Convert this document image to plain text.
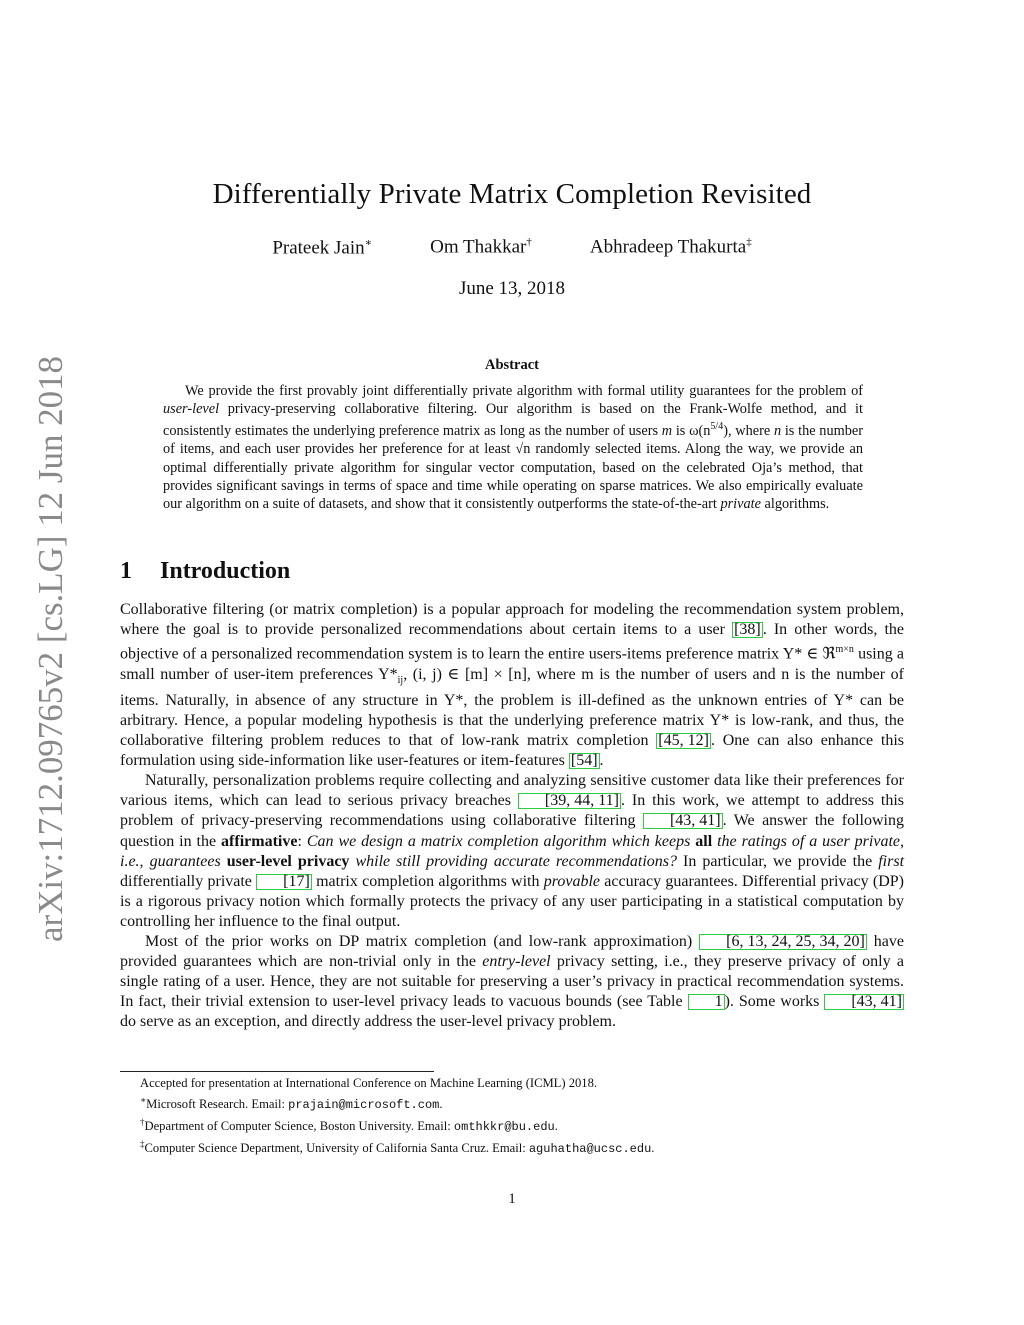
arXiv:1712.09765v2 [cs.LG] 12 Jun 2018
Differentially Private Matrix Completion Revisited
Prateek Jain∗	Om Thakkar†	Abhradeep Thakurta‡
June 13, 2018
Abstract

We provide the first provably joint differentially private algorithm with formal utility guarantees for the problem of user-level privacy-preserving collaborative filtering. Our algorithm is based on the Frank-Wolfe method, and it consistently estimates the underlying preference matrix as long as the number of users m is $\omega(n^{5/4})$, where n is the number of items, and each user provides her preference for at least √n randomly selected items. Along the way, we provide an optimal differentially private algorithm for singular vector computation, based on the celebrated Oja’s method, that provides significant savings in terms of space and time while operating on sparse matrices. We also empirically evaluate our algorithm on a suite of datasets, and show that it consistently outperforms the state-of-the-art private algorithms.

1 Introduction

Collaborative filtering (or matrix completion) is a popular approach for modeling the recommendation system problem, where the goal is to provide personalized recommendations about certain items to a user [38] . In other words, the objective of a personalized recommendation system is to learn the entire users-items preference matrix Y* ∈ ℜ$^{m\times n}$ using a small number of user-item preferences $Y*_{ij}$, (i, j) ∈ [m] × [n], where m is the number of users and n is the number of items. Naturally, in absence of any structure in Y*, the problem is ill-defined as the unknown entries of Y* can be arbitrary. Hence, a popular modeling hypothesis is that the underlying preference matrix Y* is low-rank, and thus, the collaborative filtering problem reduces to that of low-rank matrix completion [45, 12] . One can also enhance this formulation using side-information like user-features or item-features [54] .

Naturally, personalization problems require collecting and analyzing sensitive customer data like their preferences for various items, which can lead to serious privacy breaches [39, 44, 11] . In this work, we attempt to address this problem of privacy-preserving recommendations using collaborative filtering [43, 41] . We answer the following question in the affirmative: Can we design a matrix completion algorithm which keeps all the ratings of a user private, i.e., guarantees user-level privacy while still providing accurate recommendations? In particular, we provide the first differentially private [17] matrix completion algorithms with provable accuracy guarantees. Differential privacy (DP) is a rigorous privacy notion which formally protects the privacy of any user participating in a statistical computation by controlling her influence to the final output.

Most of the prior works on DP matrix completion (and low-rank approximation) [6, 13, 24, 25, 34, 20] have provided guarantees which are non-trivial only in the entry-level privacy setting, i.e., they preserve privacy of only a single rating of a user. Hence, they are not suitable for preserving a user’s privacy in practical recommendation systems. In fact, their trivial extension to user-level privacy leads to vacuous bounds (see Table 1 ). Some works [43, 41] do serve as an exception, and directly address the user-level privacy problem.

Accepted for presentation at International Conference on Machine Learning (ICML) 2018.

∗Microsoft Research. Email: prajain@microsoft.com.

†Department of Computer Science, Boston University. Email: omthkkr@bu.edu.

‡Computer Science Department, University of California Santa Cruz. Email: aguhatha@ucsc.edu.

1
